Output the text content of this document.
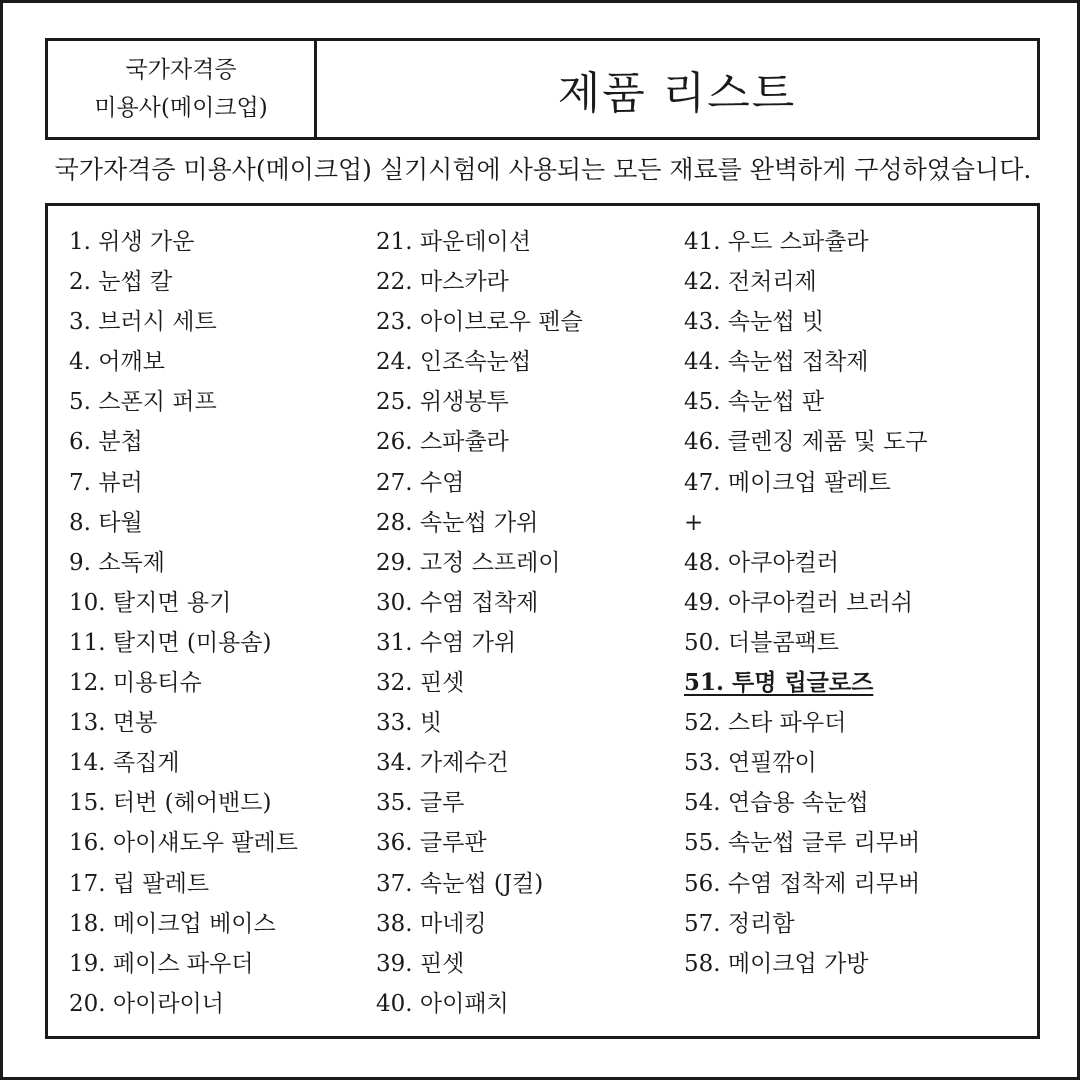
국가자격증
미용사(메이크업)	제품 리스트
국가자격증 미용사(메이크업) 실기시험에 사용되는 모든 재료를 완벽하게 구성하였습니다.
1. 위생 가운
2. 눈썹 칼
3. 브러시 세트
4. 어깨보
5. 스폰지 퍼프
6. 분첩
7. 뷰러
8. 타월
9. 소독제
10. 탈지면 용기
11. 탈지면 (미용솜)
12. 미용티슈
13. 면봉
14. 족집게
15. 터번 (헤어밴드)
16. 아이섀도우 팔레트
17. 립 팔레트
18. 메이크업 베이스
19. 페이스 파우더
20. 아이라이너
21. 파운데이션
22. 마스카라
23. 아이브로우 펜슬
24. 인조속눈썹
25. 위생봉투
26. 스파츌라
27. 수염
28. 속눈썹 가위
29. 고정 스프레이
30. 수염 접착제
31. 수염 가위
32. 핀셋
33. 빗
34. 가제수건
35. 글루
36. 글루판
37. 속눈썹 (J컬)
38. 마네킹
39. 핀셋
40. 아이패치
41. 우드 스파츌라
42. 전처리제
43. 속눈썹 빗
44. 속눈썹 접착제
45. 속눈썹 판
46. 클렌징 제품 및 도구
47. 메이크업 팔레트
+
48. 아쿠아컬러
49. 아쿠아컬러 브러쉬
50. 더블콤팩트
51. 투명 립글로즈
52. 스타 파우더
53. 연필깎이
54. 연습용 속눈썹
55. 속눈썹 글루 리무버
56. 수염 접착제 리무버
57. 정리함
58. 메이크업 가방
